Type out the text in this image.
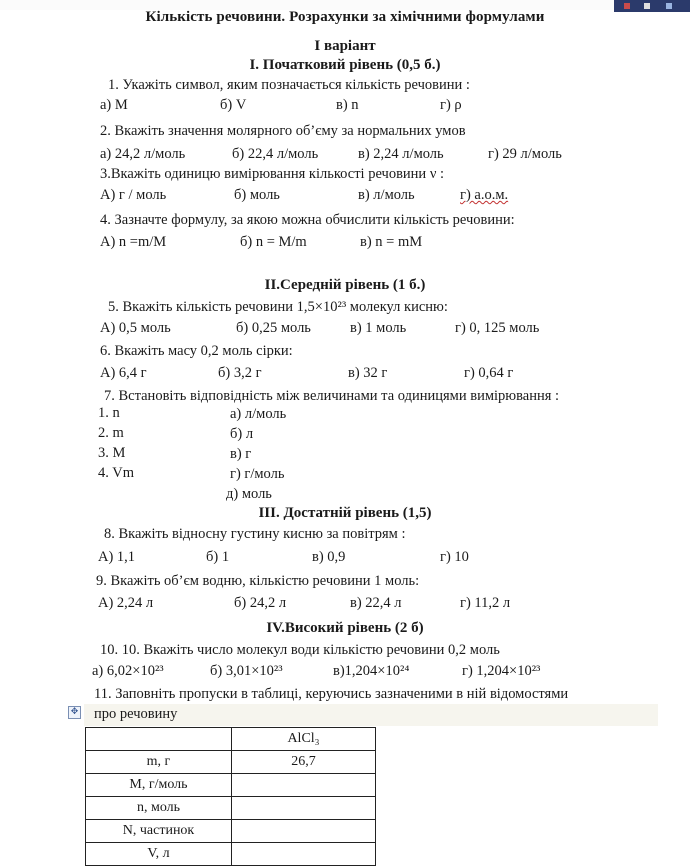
Кількість речовини. Розрахунки за хімічними формулами
І варіант
І. Початковий рівень (0,5 б.)
1. Укажіть символ, яким позначається кількість речовини :
а) M	б) V	в) n	г) ρ
2. Вкажіть значення молярного об’єму за нормальних умов
а) 24,2 л/моль	б) 22,4 л/моль	в) 2,24 л/моль	г) 29 л/моль
3.Вкажіть одиницю вимірювання кількості речовини ν :
А) г / моль	б) моль	в) л/моль	г) а.о.м.
4. Зазначте формулу, за якою можна обчислити кількість речовини:
А) n =m/M	б) n = M/m	в) n = mM
ІІ.Середній рівень (1 б.)
5. Вкажіть кількість речовини 1,5×10²³ молекул кисню:
А) 0,5 моль	б) 0,25 моль	в) 1 моль	г) 0, 125 моль
6. Вкажіть масу 0,2 моль сірки:
А) 6,4 г	б) 3,2 г	в) 32 г	г) 0,64 г
7. Встановіть відповідність між величинами та одиницями вимірювання :
1. n
2. m
3. M
4. Vm
а) л/моль
б) л
в) г
г) г/моль
д) моль
ІІІ. Достатній рівень (1,5)
8. Вкажіть відносну густину кисню за повітрям :
А) 1,1	б) 1	в) 0,9	г) 10
9. Вкажіть об’єм водню, кількістю речовини 1 моль:
А) 2,24 л	б) 24,2 л	в) 22,4 л	г) 11,2 л
ІV.Високий рівень (2 б)
10. 10. Вкажіть число молекул води кількістю речовини 0,2 моль
а) 6,02×10²³	б) 3,01×10²³	в)1,204×10²⁴	г) 1,204×10²³
11. Заповніть пропуски в таблиці, керуючись зазначеними в ній відомостями
✥ про речовину
	AlCl₃
m, г	26,7
M, г/моль	
n, моль	
N, частинок	
V, л	
